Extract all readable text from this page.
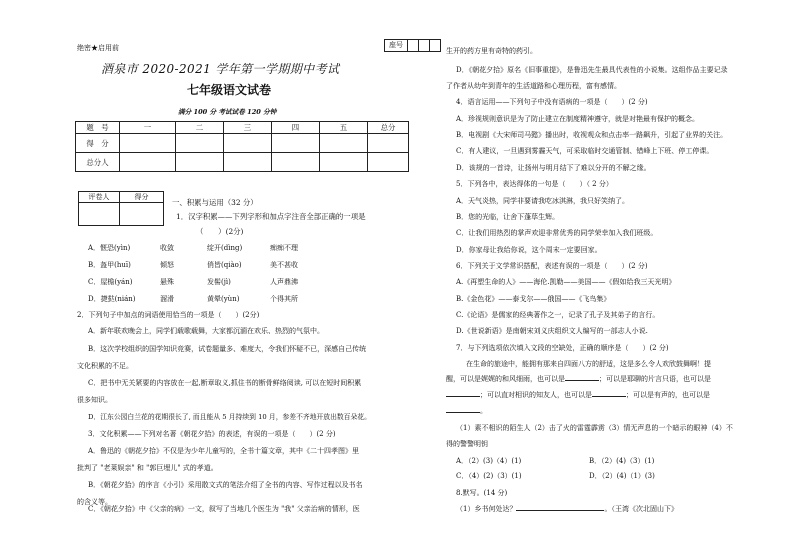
绝密★启用前	座号
酒泉市 2020-2021 学年第一学期期中考试
七年级语文试卷
满分 100 分 考试试卷 120 分钟
题　号	一	二	三	四	五	总分
得　分						
总分人						
评卷人	得分

一、积累与运用（32 分）
1．汉字积累——下列字形和加点字注音全部正确的一项是
（　　）(2分)
A．惬恐(yìn)	收敛	绽开(dìng)	痴痴不理
B．盔甲(huī)	倾怒	俏皆(qiào)	美不甚收
C．屋檐(yán)	悬殊	发髻(jì)	人声鼎沸
D．捷挞(nián)	溜滑	黄晕(yùn)	个得其所
2．下列句子中加点的词语使用恰当的一项是（　　）(2分)
A．新年联欢晚会上，同学们载歌载舞，大家都沉湎在欢乐、热烈的气氛中。
B．这次学校组织的国学知识竞赛，试卷题量多、难度大，令我们怀疑不已，深感自己传统
文化积累的不足。
C．把书中无关紧要的内容放在一起,断章取义,抓住书的断骨鲜络阅读, 可以在短时间积累
很多知识。
D．江东公园白兰花的花期很长了, 而且能从 5 月持续到 10 月，参差不齐地开放出数百朵花。
3．文化积累——下列对名著《朝花夕拾》的表述，有误的一项是（　　）(2 分)
A．鲁迅的《朝花夕拾》不仅是为少年儿童写的，全书十篇文章，其中《二十四孝图》里
批判了 "老莱娱亲" 和 "郭巨埋儿" 式的孝道。
B．《朝花夕拾》的序言《小引》采用散文式的笔法介绍了全书的内容、写作过程以及书名
的含义等。
C．《朝花夕拾》中《父亲的病》一文，叙写了当地几个医生为 "我" 父亲治病的情形，医
生开的药方里有奇特的药引。
D．《朝花夕拾》原名《旧事重提》，是鲁迅先生最具代表性的小说集。这组作品主要记录
了作者从幼年到青年的生活道路和心理历程，富有感情。
4．语言运用——下列句子中没有语病的一项是（　　）(2 分)
A．珍视规则意识是为了防止建立在制度精神遵守，就是对艳最有保护的概念。
B．电视剧《大宋师司马懿》播出时，收视观众和点击率一路飙升，引起了业界的关注。
C．有人建议，一旦遇到雾霾天气，可采取临时交通管制、错峰上下班、停工停课。
D．该规的一首诗，让扬州与明月结下了难以分开的不解之缘。
5．下列各中，表达得体的一句是（　　）（ 2 分）
A．天气炎热，同学非要请我吃冰淇淋，我只好笑纳了。
B．您的光临，让舍下蓬荜生辉。
C．让我们用热烈的掌声欢迎非常优秀的同学荣幸加入我们班级。
D．你家母让我给你说，这个周末一定要回家。
6．下列关于文学常识搭配，表述有误的一项是（　　）(2 分)
A.《再塑生命的人》——海伦.凯勒——美国——《假如给我三天光明》
B.《金色花》——泰戈尔——俄国——《飞鸟集》
C.《论语》是儒家的经典著作之一，记录了孔子及其弟子的言行。
D.《世说新语》是南朝宋刘义庆组织文人编写的一部志人小说.
7．与下列选项依次填入文段的空缺处，正确的顺序是（　　）(2 分)
在生命的旅途中，能拥有那来自四面八方的舒适，这是多么令人欢欣鼓舞啊！提
醒，可以是娓娓的和风细雨，也可以是	；可以是耶聊的片言只语，也可以是
；可以直对相识的知友人，也可以是	；可以是有声的，也可以是
。
（1）素不相识的陌生人（2）击了火的雷霆霹雳（3）情无声息的一个暗示的眼神（4）不
得的警警明钥
A．（2）(3)（4）(1)	B．（2）(4)（3）(1)
C．（4）(2)（3）(1)	D．（2）(4)（1）(3)
8.默写。(14 分)
（1）乡书何处达？	。（王湾《次北固山下》
